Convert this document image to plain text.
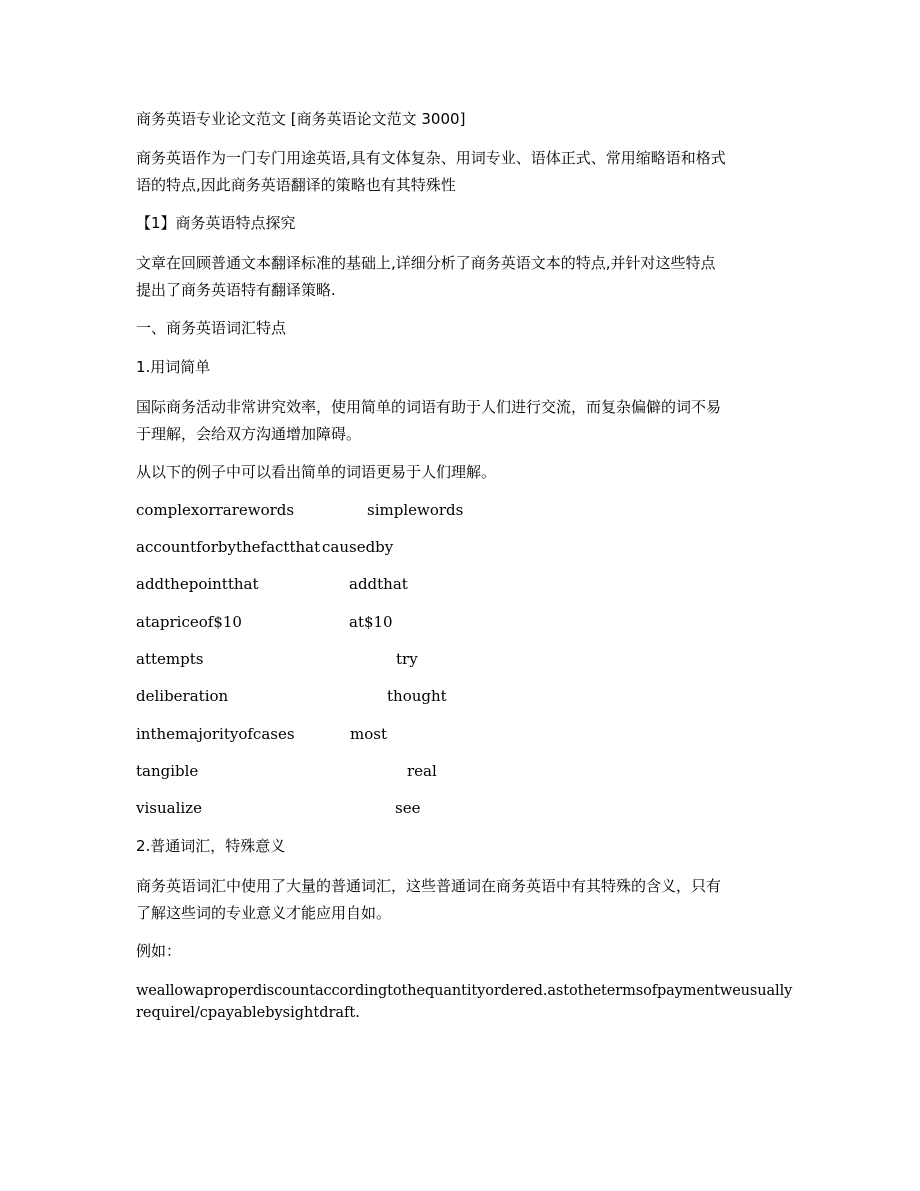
商务英语专业论文范文 [商务英语论文范文 3000]

商务英语作为一门专门用途英语,具有文体复杂、用词专业、语体正式、常用缩略语和格式

语的特点,因此商务英语翻译的策略也有其特殊性

【1】商务英语特点探究

文章在回顾普通文本翻译标准的基础上,详细分析了商务英语文本的特点,并针对这些特点

提出了商务英语特有翻译策略.

一、商务英语词汇特点

1.用词简单

国际商务活动非常讲究效率，使用简单的词语有助于人们进行交流，而复杂偏僻的词不易

于理解，会给双方沟通增加障碍。

从以下的例子中可以看出简单的词语更易于人们理解。

complexorrarewords	simplewords
accountforbythefactthat causedby
addthepointthat	addthat
atapriceof$10	at$10
attempts	try
deliberation	thought
inthemajorityofcases	most
tangible	real
visualize	see

2.普通词汇，特殊意义

商务英语词汇中使用了大量的普通词汇，这些普通词在商务英语中有其特殊的含义，只有

了解这些词的专业意义才能应用自如。

例如：

weallowaproperdiscountaccordingtothequantityordered.astothetermsofpaymentweusually

requirel/cpayablebysightdraft.
